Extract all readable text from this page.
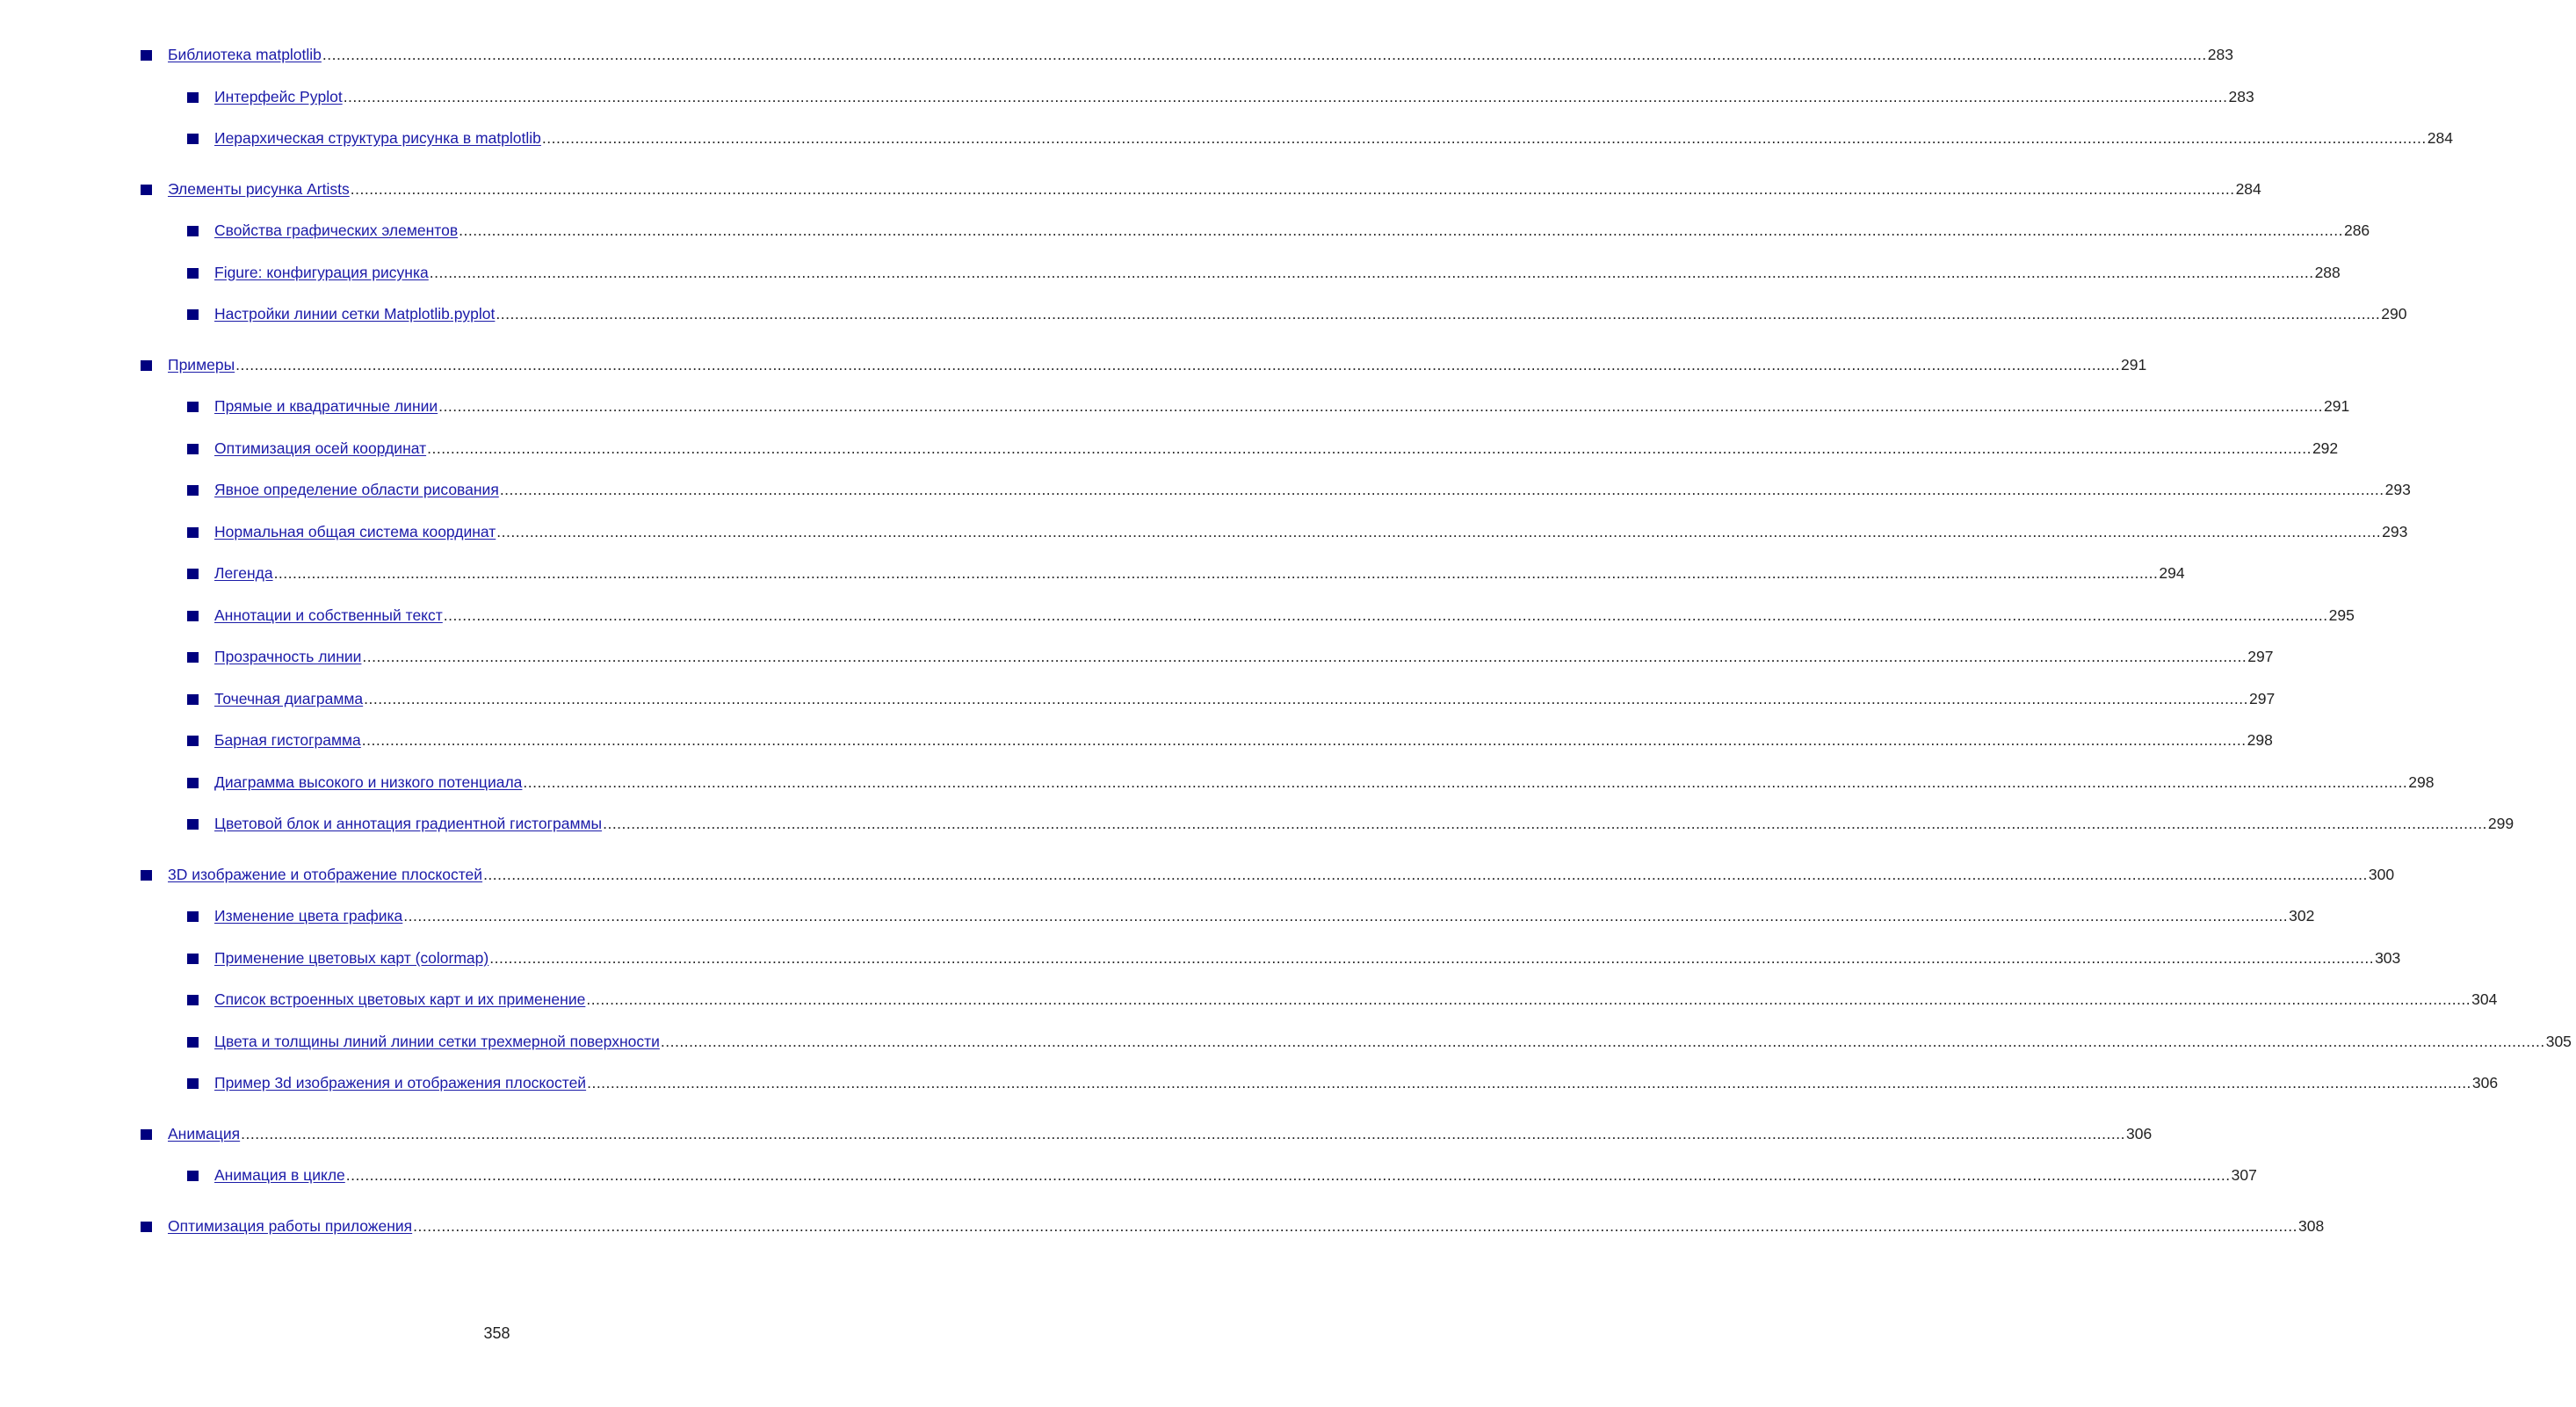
Библиотека matplotlib ................................................................................................................................................................................................................................................................................................................................................................................................................ 283
Интерфейс Pyplot ................................................................................................................................................................................................................................................................................................................................................................................................................ 283
Иерархическая структура рисунка в matplotlib ................................................................................................................................................................................................................................................................................................................................................................................................................ 284
Элементы рисунка Artists ................................................................................................................................................................................................................................................................................................................................................................................................................ 284
Свойства графических элементов ................................................................................................................................................................................................................................................................................................................................................................................................................ 286
Figure: конфигурация рисунка ................................................................................................................................................................................................................................................................................................................................................................................................................ 288
Настройки линии сетки Matplotlib.pyplot ................................................................................................................................................................................................................................................................................................................................................................................................................ 290
Примеры ................................................................................................................................................................................................................................................................................................................................................................................................................ 291
Прямые и квадратичные линии ................................................................................................................................................................................................................................................................................................................................................................................................................ 291
Оптимизация осей координат ................................................................................................................................................................................................................................................................................................................................................................................................................ 292
Явное определение области рисования ................................................................................................................................................................................................................................................................................................................................................................................................................ 293
Нормальная общая система координат ................................................................................................................................................................................................................................................................................................................................................................................................................ 293
Легенда ................................................................................................................................................................................................................................................................................................................................................................................................................ 294
Аннотации и собственный текст ................................................................................................................................................................................................................................................................................................................................................................................................................ 295
Прозрачность линии ................................................................................................................................................................................................................................................................................................................................................................................................................ 297
Точечная диаграмма ................................................................................................................................................................................................................................................................................................................................................................................................................ 297
Барная гистограмма ................................................................................................................................................................................................................................................................................................................................................................................................................ 298
Диаграмма высокого и низкого потенциала ................................................................................................................................................................................................................................................................................................................................................................................................................ 298
Цветовой блок и аннотация градиентной гистограммы ................................................................................................................................................................................................................................................................................................................................................................................................................ 299
3D изображение и отображение плоскостей ................................................................................................................................................................................................................................................................................................................................................................................................................ 300
Изменение цвета графика ................................................................................................................................................................................................................................................................................................................................................................................................................ 302
Применение цветовых карт (colormap) ................................................................................................................................................................................................................................................................................................................................................................................................................ 303
Список встроенных цветовых карт и их применение ................................................................................................................................................................................................................................................................................................................................................................................................................ 304
Цвета и толщины линий линии сетки трехмерной поверхности ................................................................................................................................................................................................................................................................................................................................................................................................................ 305
Пример 3d изображения и отображения плоскостей ................................................................................................................................................................................................................................................................................................................................................................................................................ 306
Анимация ................................................................................................................................................................................................................................................................................................................................................................................................................ 306
Анимация в цикле ................................................................................................................................................................................................................................................................................................................................................................................................................ 307
Оптимизация работы приложения ................................................................................................................................................................................................................................................................................................................................................................................................................ 308
358
